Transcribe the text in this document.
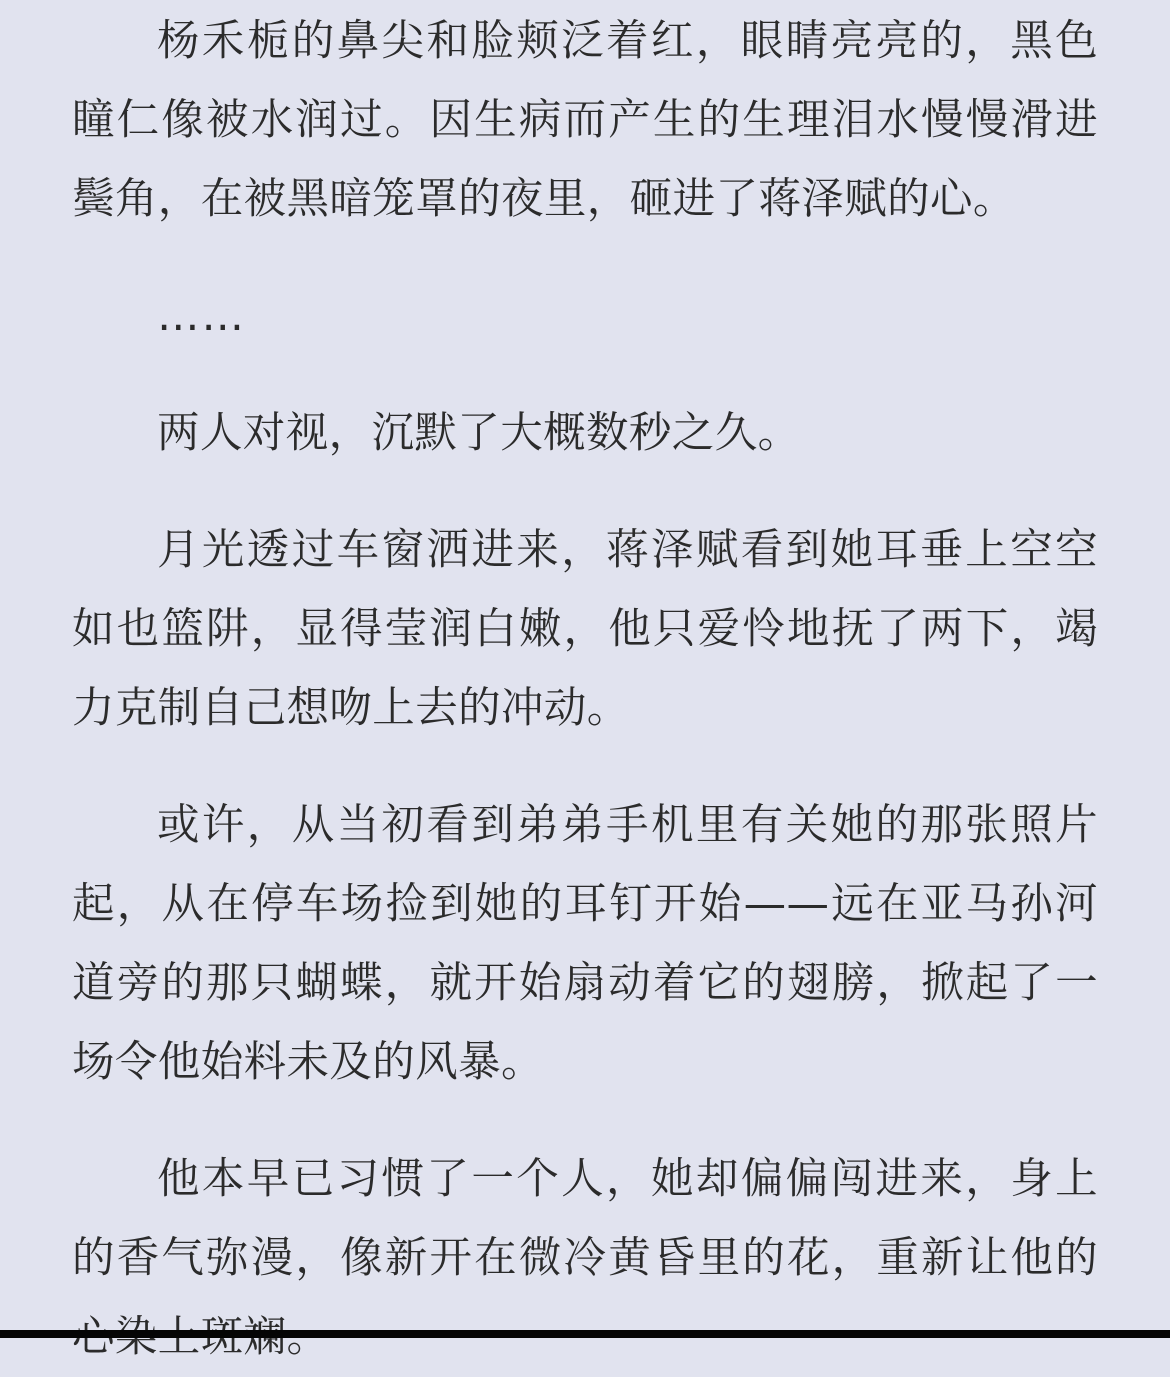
杨禾栀的鼻尖和脸颊泛着红，眼睛亮亮的，黑色瞳仁像被水润过。因生病而产生的生理泪水慢慢滑进鬓角，在被黑暗笼罩的夜里，砸进了蒋泽赋的心。

……

两人对视，沉默了大概数秒之久。

月光透过车窗洒进来，蒋泽赋看到她耳垂上空空如也篮阱，显得莹润白嫩，他只爱怜地抚了两下，竭力克制自己想吻上去的冲动。

或许，从当初看到弟弟手机里有关她的那张照片起，从在停车场捡到她的耳钉开始——远在亚马孙河道旁的那只蝴蝶，就开始扇动着它的翅膀，掀起了一场令他始料未及的风暴。

他本早已习惯了一个人，她却偏偏闯进来，身上的香气弥漫，像新开在微冷黄昏里的花，重新让他的
